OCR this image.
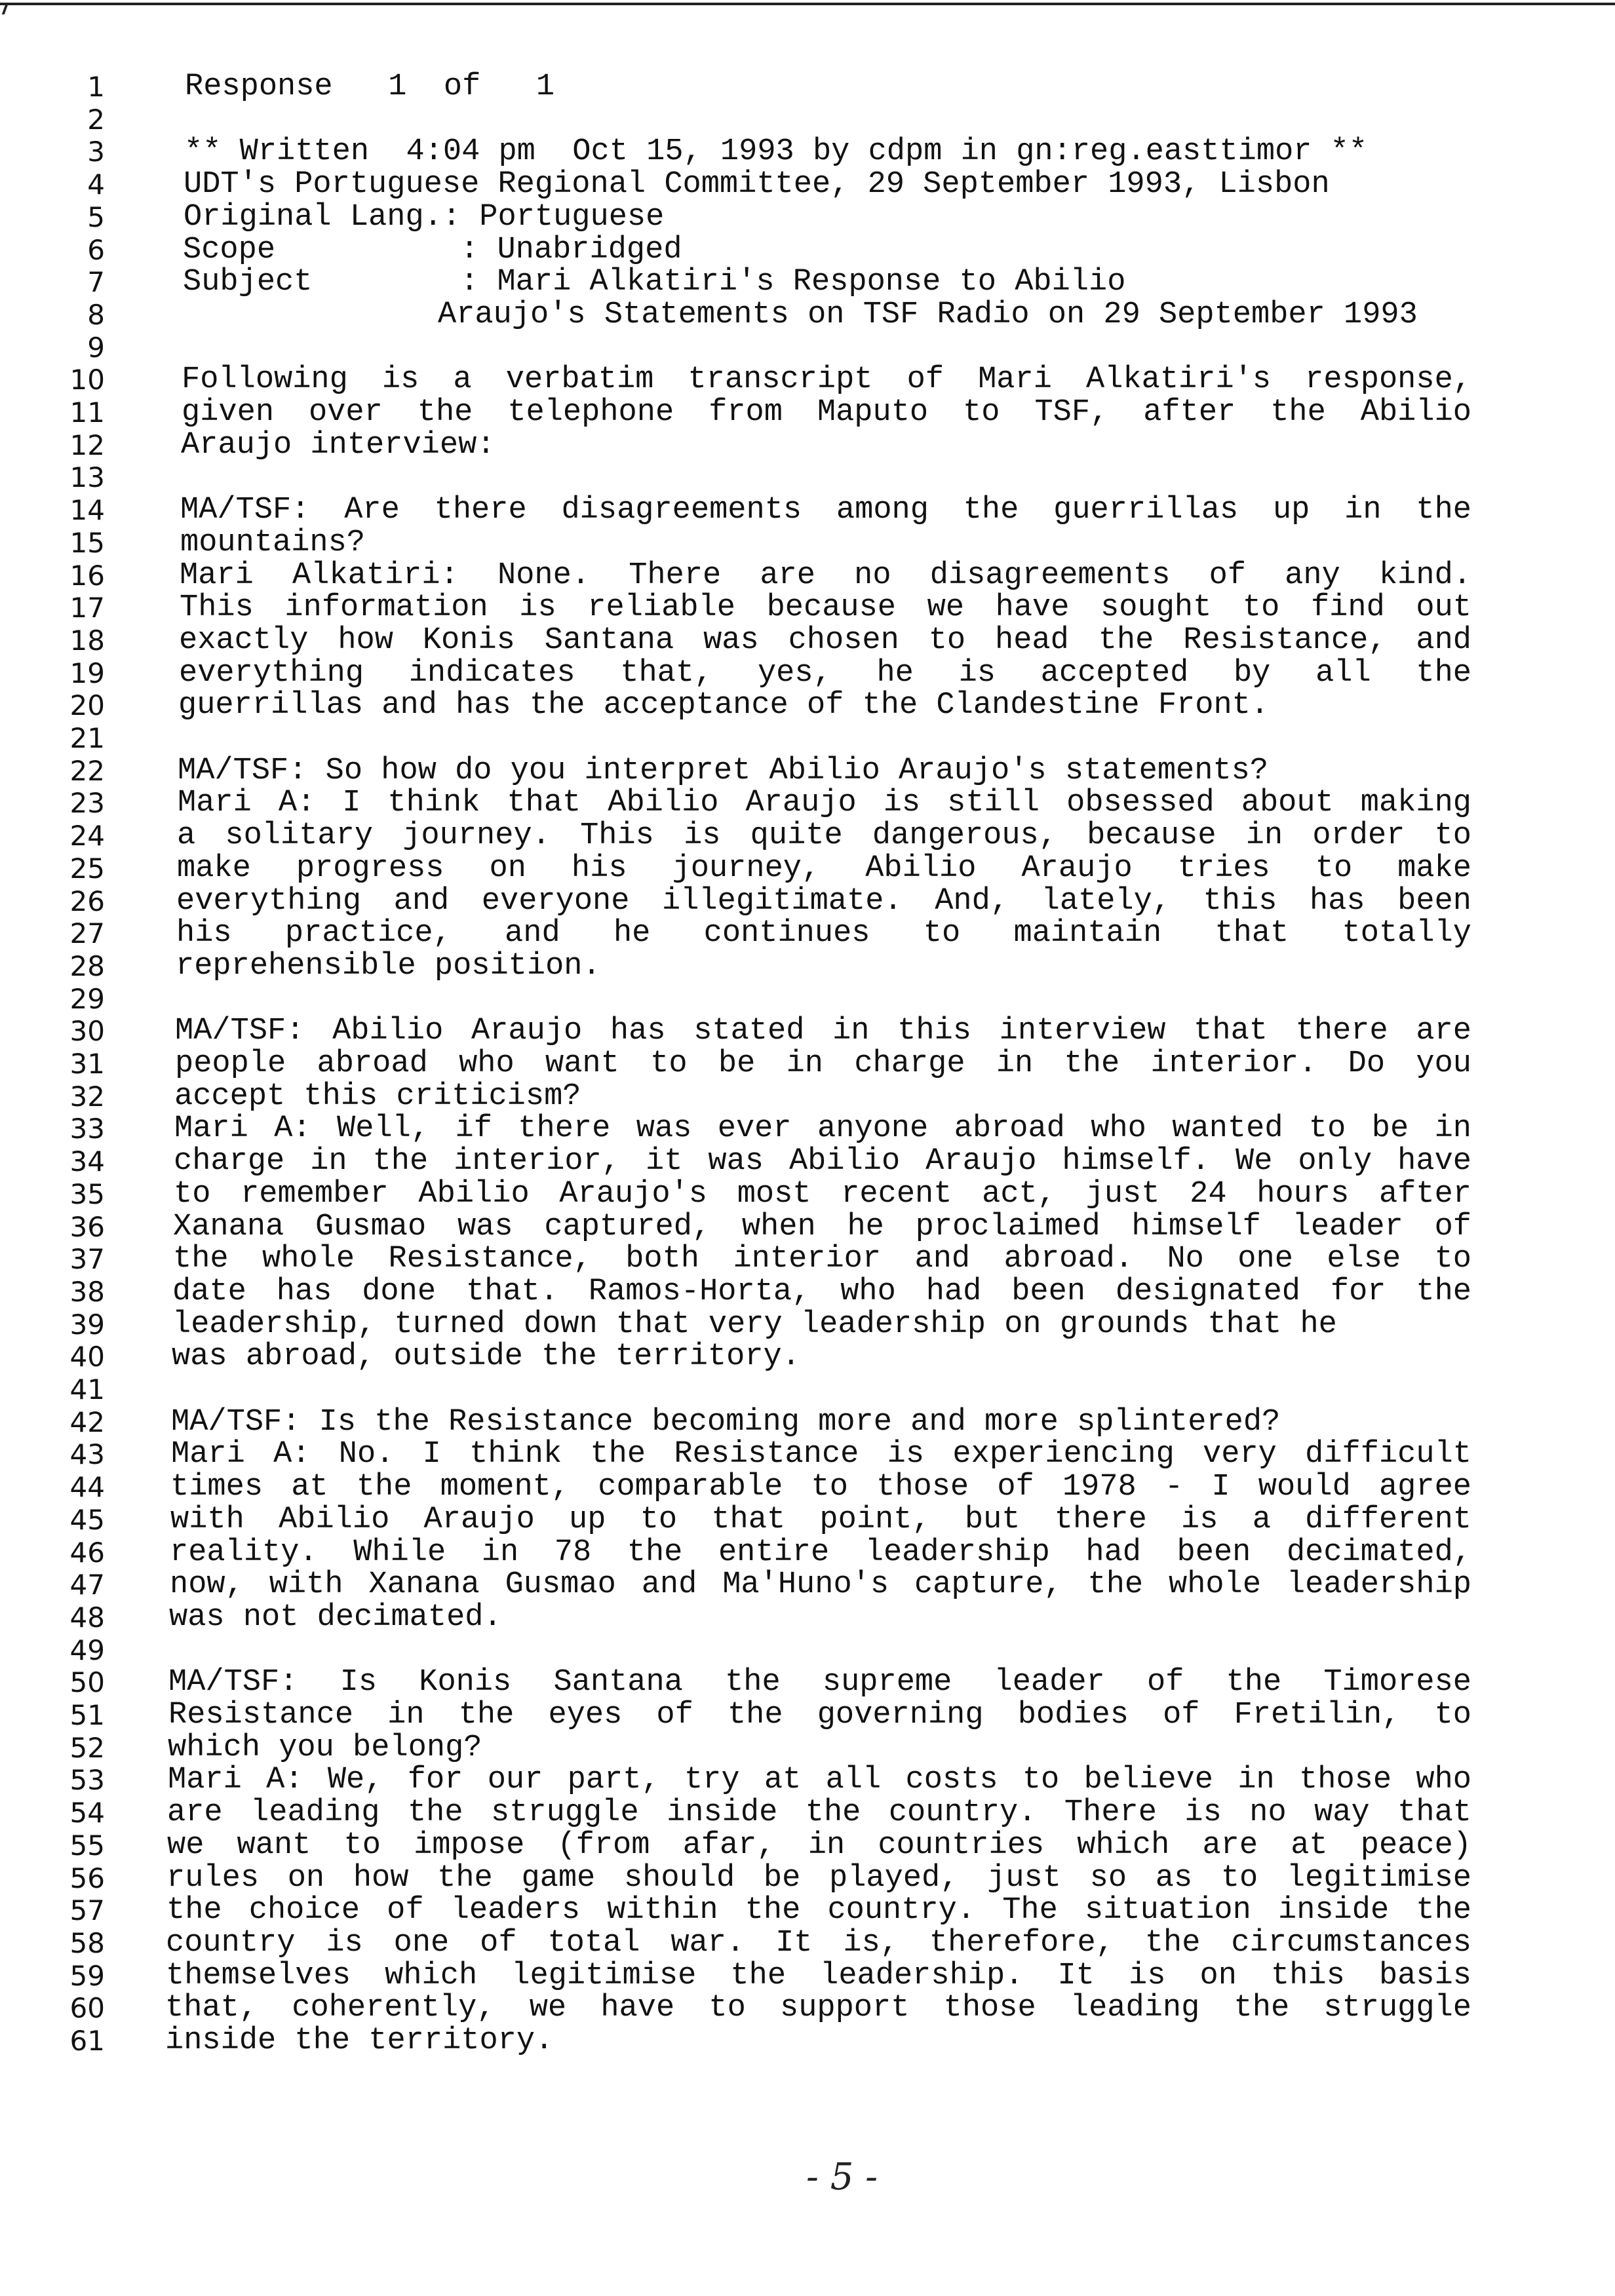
1
2
3
4
5
6
7
8
9
10
11
12
13
14
15
16
17
18
19
20
21
22
23
24
25
26
27
28
29
30
31
32
33
34
35
36
37
38
39
40
41
42
43
44
45
46
47
48
49
50
51
52
53
54
55
56
57
58
59
60
61
Response   1  of   1
** Written  4:04 pm  Oct 15, 1993 by cdpm in gn:reg.easttimor **
UDT's Portuguese Regional Committee, 29 September 1993, Lisbon
Original Lang.: Portuguese
Scope          : Unabridged
Subject        : Mari Alkatiri's Response to Abilio
Araujo's Statements on TSF Radio on 29 September 1993
Following is a verbatim transcript of Mari Alkatiri's response,
given over the telephone from Maputo to TSF, after the Abilio
Araujo interview:
MA/TSF: Are there disagreements among the guerrillas up in the
mountains?
Mari Alkatiri: None. There are no disagreements of any kind.
This information is reliable because we have sought to find out
exactly how Konis Santana was chosen to head the Resistance, and
everything indicates that, yes, he is accepted by all the
guerrillas and has the acceptance of the Clandestine Front.
MA/TSF: So how do you interpret Abilio Araujo's statements?
Mari A: I think that Abilio Araujo is still obsessed about making
a solitary journey. This is quite dangerous, because in order to
make progress on his journey, Abilio Araujo tries to make
everything and everyone illegitimate. And, lately, this has been
his practice, and he continues to maintain that totally
reprehensible position.
MA/TSF: Abilio Araujo has stated in this interview that there are
people abroad who want to be in charge in the interior. Do you
accept this criticism?
Mari A: Well, if there was ever anyone abroad who wanted to be in
charge in the interior, it was Abilio Araujo himself. We only have
to remember Abilio Araujo's most recent act, just 24 hours after
Xanana Gusmao was captured, when he proclaimed himself leader of
the whole Resistance, both interior and abroad. No one else to
date has done that. Ramos-Horta, who had been designated for the
leadership, turned down that very leadership on grounds that he
was abroad, outside the territory.
MA/TSF: Is the Resistance becoming more and more splintered?
Mari A: No. I think the Resistance is experiencing very difficult
times at the moment, comparable to those of 1978 - I would agree
with Abilio Araujo up to that point, but there is a different
reality. While in 78 the entire leadership had been decimated,
now, with Xanana Gusmao and Ma'Huno's capture, the whole leadership
was not decimated.
MA/TSF: Is Konis Santana the supreme leader of the Timorese
Resistance in the eyes of the governing bodies of Fretilin, to
which you belong?
Mari A: We, for our part, try at all costs to believe in those who
are leading the struggle inside the country. There is no way that
we want to impose (from afar, in countries which are at peace)
rules on how the game should be played, just so as to legitimise
the choice of leaders within the country. The situation inside the
country is one of total war. It is, therefore, the circumstances
themselves which legitimise the leadership. It is on this basis
that, coherently, we have to support those leading the struggle
inside the territory.
- 5 -
